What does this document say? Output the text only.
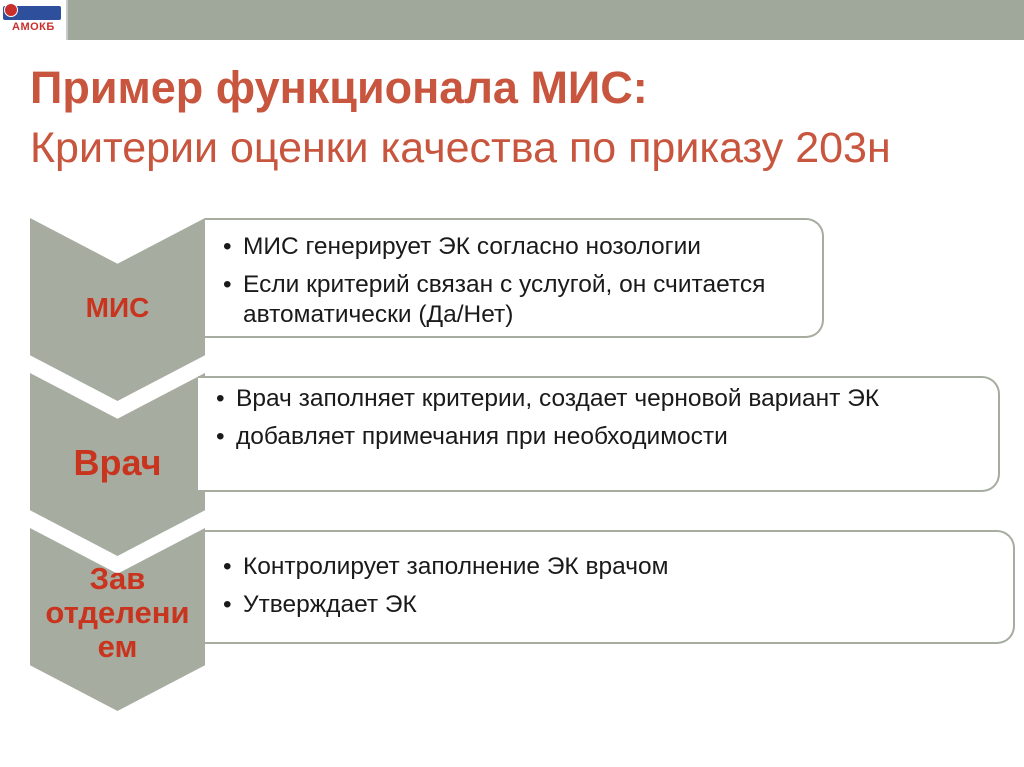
АМОКБ
Пример функционала МИС:
Критерии оценки качества по приказу 203н
• МИС генерирует ЭК согласно нозологии
• Если критерий связан с услугой, он считается автоматически (Да/Нет)
МИС
• Врач заполняет критерии, создает черновой вариант ЭК
• добавляет примечания при необходимости
Врач
• Контролирует заполнение ЭК врачом
• Утверждает ЭК
Зав
отделени
ем
